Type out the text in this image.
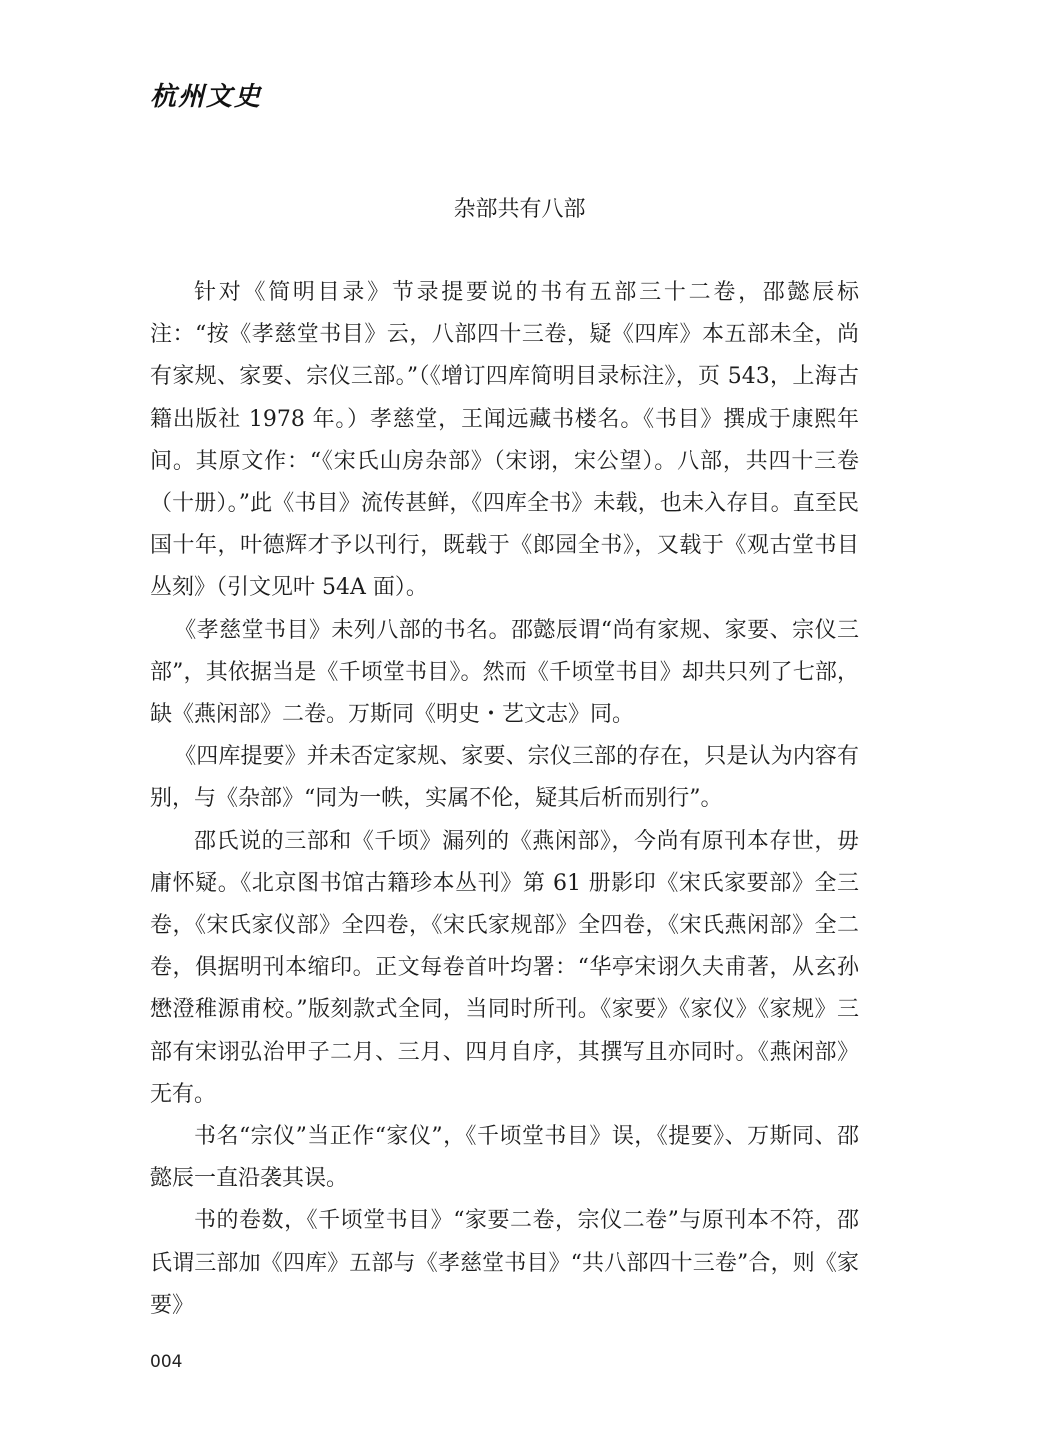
杭州文史
杂部共有八部

针对《简明目录》节录提要说的书有五部三十二卷，邵懿辰标注：“按《孝慈堂书目》云，八部四十三卷，疑《四库》本五部未全，尚有家规、家要、宗仪三部。”（《增订四库简明目录标注》，页 543，上海古籍出版社 1978 年。）孝慈堂，王闻远藏书楼名。《书目》撰成于康熙年间。其原文作：“《宋氏山房杂部》（宋诩，宋公望）。八部，共四十三卷（十册）。”此《书目》流传甚鲜，《四库全书》未载，也未入存目。直至民国十年，叶德辉才予以刊行，既载于《郎园全书》，又载于《观古堂书目丛刻》（引文见叶 54A 面）。

《孝慈堂书目》未列八部的书名。邵懿辰谓“尚有家规、家要、宗仪三部”，其依据当是《千顷堂书目》。然而《千顷堂书目》却共只列了七部，缺《燕闲部》二卷。万斯同《明史・艺文志》同。

《四库提要》并未否定家规、家要、宗仪三部的存在，只是认为内容有别，与《杂部》“同为一帙，实属不伦，疑其后析而别行”。

邵氏说的三部和《千顷》漏列的《燕闲部》，今尚有原刊本存世，毋庸怀疑。《北京图书馆古籍珍本丛刊》第 61 册影印《宋氏家要部》全三卷，《宋氏家仪部》全四卷，《宋氏家规部》全四卷，《宋氏燕闲部》全二卷，俱据明刊本缩印。正文每卷首叶均署：“华亭宋诩久夫甫著，从玄孙懋澄稚源甫校。”版刻款式全同，当同时所刊。《家要》《家仪》《家规》三部有宋诩弘治甲子二月、三月、四月自序，其撰写且亦同时。《燕闲部》无有。

书名“宗仪”当正作“家仪”，《千顷堂书目》误，《提要》、万斯同、邵懿辰一直沿袭其误。

书的卷数，《千顷堂书目》“家要二卷，宗仪二卷”与原刊本不符，邵氏谓三部加《四库》五部与《孝慈堂书目》“共八部四十三卷”合，则《家要》

004
